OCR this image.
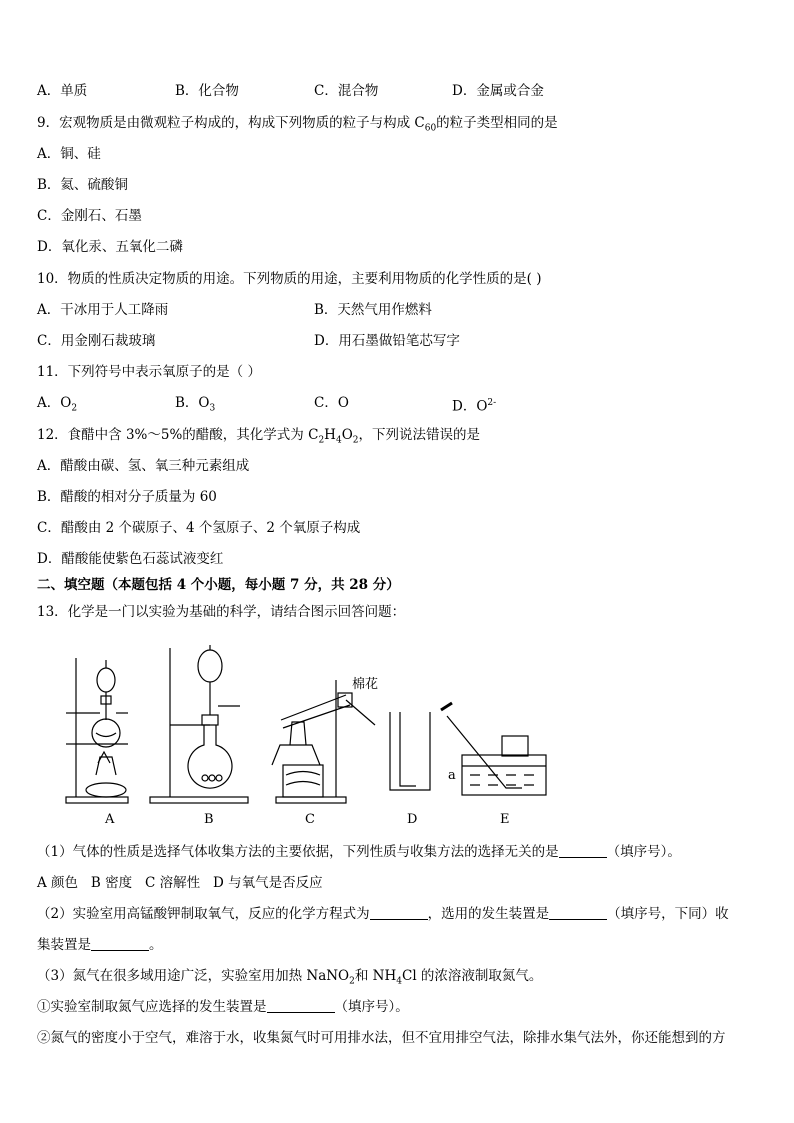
A．单质	B．化合物	C．混合物	D．金属或合金
9．宏观物质是由微观粒子构成的，构成下列物质的粒子与构成 $C_{60}$的粒子类型相同的是
A．铜、硅
B．氦、硫酸铜
C．金刚石、石墨
D．氧化汞、五氧化二磷
10．物质的性质决定物质的用途。下列物质的用途，主要利用物质的化学性质的是( )
A．干冰用于人工降雨	B．天然气用作燃料
C．用金刚石裁玻璃	D．用石墨做铅笔芯写字
11．下列符号中表示氧原子的是（ ）
A．$O_2$	B．$O_3$	C．O	D．$O^{2-}$
12．食醋中含 3%～5%的醋酸，其化学式为 $C_2H_4O_2$，下列说法错误的是
A．醋酸由碳、氢、氧三种元素组成
B．醋酸的相对分子质量为 60
C．醋酸由 2 个碳原子、4 个氢原子、2 个氧原子构成
D．醋酸能使紫色石蕊试液变红
二、填空题（本题包括 4 个小题，每小题 7 分，共 28 分）
13．化学是一门以实验为基础的科学，请结合图示回答问题：
棉花
a
A	B	C	D	E
（1）气体的性质是选择气体收集方法的主要依据，下列性质与收集方法的选择无关的是	（填序号）。
A 颜色   B 密度   C 溶解性   D 与氧气是否反应
（2）实验室用高锰酸钾制取氧气，反应的化学方程式为	，选用的发生装置是	（填序号，下同）收
集装置是	。
（3）氮气在很多域用途广泛，实验室用加热 NaNO$_2$和 $NH_4Cl$ 的浓溶液制取氮气。
①实验室制取氮气应选择的发生装置是	（填序号）。
②氮气的密度小于空气，难溶于水，收集氮气时可用排水法，但不宜用排空气法，除排水集气法外，你还能想到的方
